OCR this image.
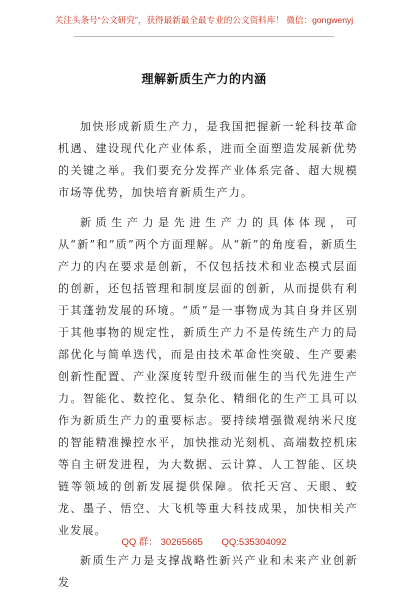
关注头条号“公文研究”，获得最新最全最专业的公文资料库！ 微信：gongwenyj
理解新质生产力的内涵

加快形成新质生产力，是我国把握新一轮科技革命机遇、建设现代化产业体系，进而全面塑造发展新优势的关键之举。我们要充分发挥产业体系完备、超大规模市场等优势，加快培育新质生产力。

新质生产力是先进生产力的具体体现，可从“新”和“质”两个方面理解。从“新”的角度看，新质生产力的内在要求是创新，不仅包括技术和业态模式层面的创新，还包括管理和制度层面的创新，从而提供有利于其蓬勃发展的环境。“质”是一事物成为其自身并区别于其他事物的规定性，新质生产力不是传统生产力的局部优化与简单迭代，而是由技术革命性突破、生产要素创新性配置、产业深度转型升级而催生的当代先进生产力。智能化、数控化、复杂化、精细化的生产工具可以作为新质生产力的重要标志。要持续增强微观纳米尺度的智能精准操控水平，加快推动光刻机、高端数控机床等自主研发进程，为大数据、云计算、人工智能、区块链等领域的创新发展提供保障。依托天宫、天眼、蛟龙、墨子、悟空、大飞机等重大科技成果，加快相关产业发展。

新质生产力是支撑战略性新兴产业和未来产业创新发

QQ 群： 30265665 QQ:535304092
